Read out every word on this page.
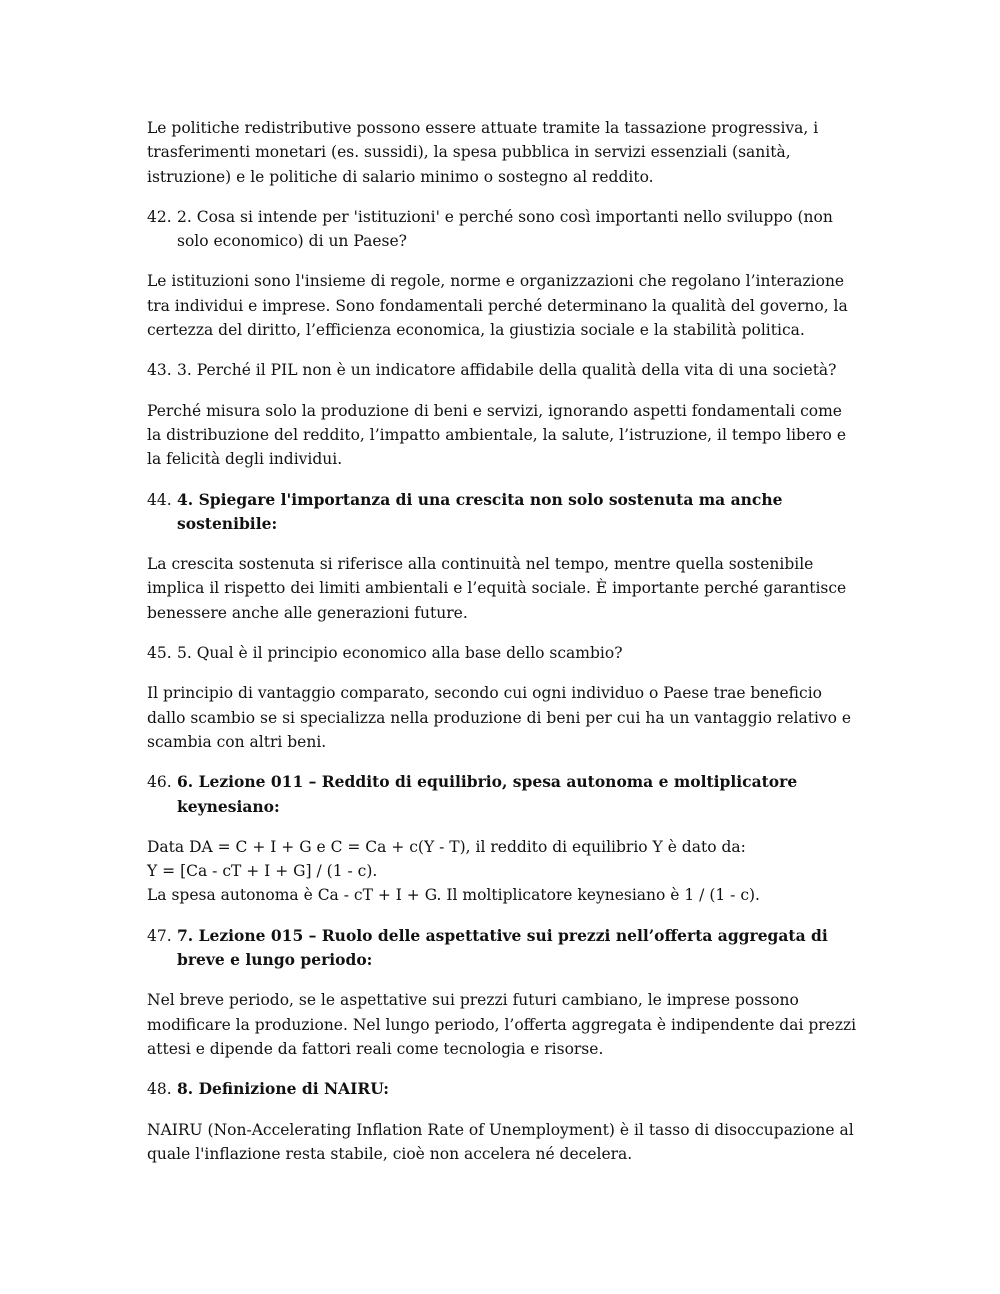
Le politiche redistributive possono essere attuate tramite la tassazione progressiva, i trasferimenti monetari (es. sussidi), la spesa pubblica in servizi essenziali (sanità, istruzione) e le politiche di salario minimo o sostegno al reddito.

42. 2. Cosa si intende per 'istituzioni' e perché sono così importanti nello sviluppo (non solo economico) di un Paese?

Le istituzioni sono l'insieme di regole, norme e organizzazioni che regolano l’interazione tra individui e imprese. Sono fondamentali perché determinano la qualità del governo, la certezza del diritto, l’efficienza economica, la giustizia sociale e la stabilità politica.

43. 3. Perché il PIL non è un indicatore affidabile della qualità della vita di una società?

Perché misura solo la produzione di beni e servizi, ignorando aspetti fondamentali come la distribuzione del reddito, l’impatto ambientale, la salute, l’istruzione, il tempo libero e la felicità degli individui.

44. 4. Spiegare l'importanza di una crescita non solo sostenuta ma anche sostenibile:

La crescita sostenuta si riferisce alla continuità nel tempo, mentre quella sostenibile implica il rispetto dei limiti ambientali e l’equità sociale. È importante perché garantisce benessere anche alle generazioni future.

45. 5. Qual è il principio economico alla base dello scambio?

Il principio di vantaggio comparato, secondo cui ogni individuo o Paese trae beneficio dallo scambio se si specializza nella produzione di beni per cui ha un vantaggio relativo e scambia con altri beni.

46. 6. Lezione 011 – Reddito di equilibrio, spesa autonoma e moltiplicatore keynesiano:

Data DA = C + I + G e C = Ca + c(Y - T), il reddito di equilibrio Y è dato da:
Y = [Ca - cT + I + G] / (1 - c).
La spesa autonoma è Ca - cT + I + G. Il moltiplicatore keynesiano è 1 / (1 - c).

47. 7. Lezione 015 – Ruolo delle aspettative sui prezzi nell’offerta aggregata di breve e lungo periodo:

Nel breve periodo, se le aspettative sui prezzi futuri cambiano, le imprese possono modificare la produzione. Nel lungo periodo, l’offerta aggregata è indipendente dai prezzi attesi e dipende da fattori reali come tecnologia e risorse.

48. 8. Definizione di NAIRU:

NAIRU (Non-Accelerating Inflation Rate of Unemployment) è il tasso di disoccupazione al quale l'inflazione resta stabile, cioè non accelera né decelera.
